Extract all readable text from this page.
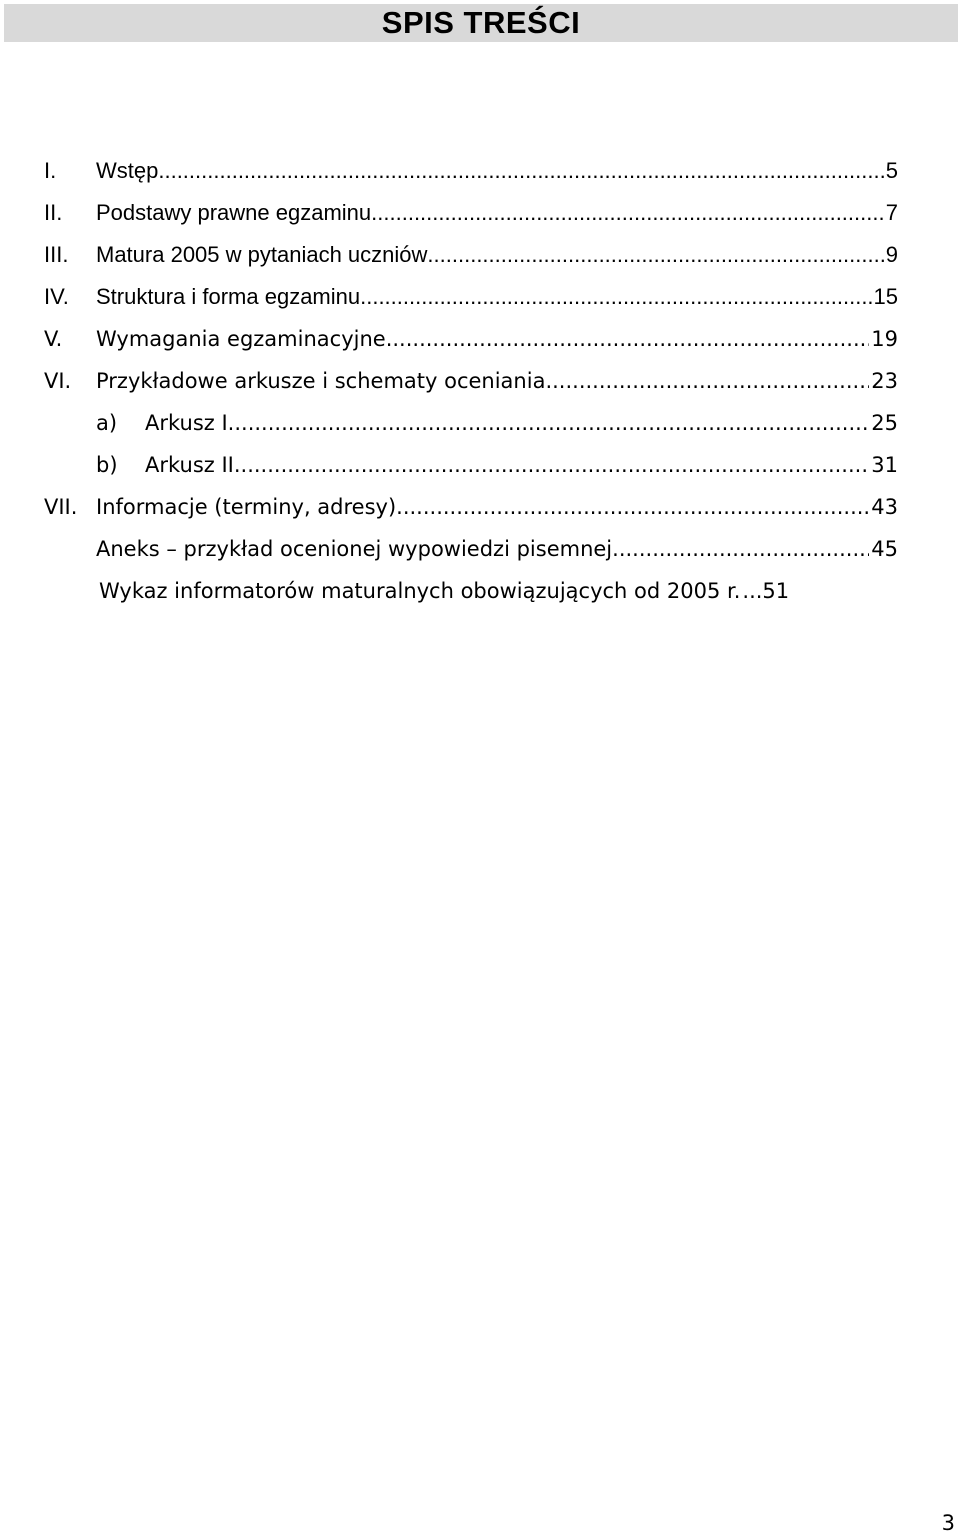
SPIS TREŚCI
I.	Wstęp .....	5
II.	Podstawy prawne egzaminu .....	7
III.	Matura 2005 w pytaniach uczniów .....	9
IV.	Struktura i forma egzaminu .....	15
V.	Wymagania egzaminacyjne .....	19
VI.	Przykładowe arkusze i schematy oceniania .....	23
a)	Arkusz I .....	25
b)	Arkusz II .....	31
VII. Informacje (terminy, adresy) .....	43
Aneks – przykład ocenionej wypowiedzi pisemnej .....	45
Wykaz informatorów maturalnych obowiązujących od 2005 r. ...51
3
